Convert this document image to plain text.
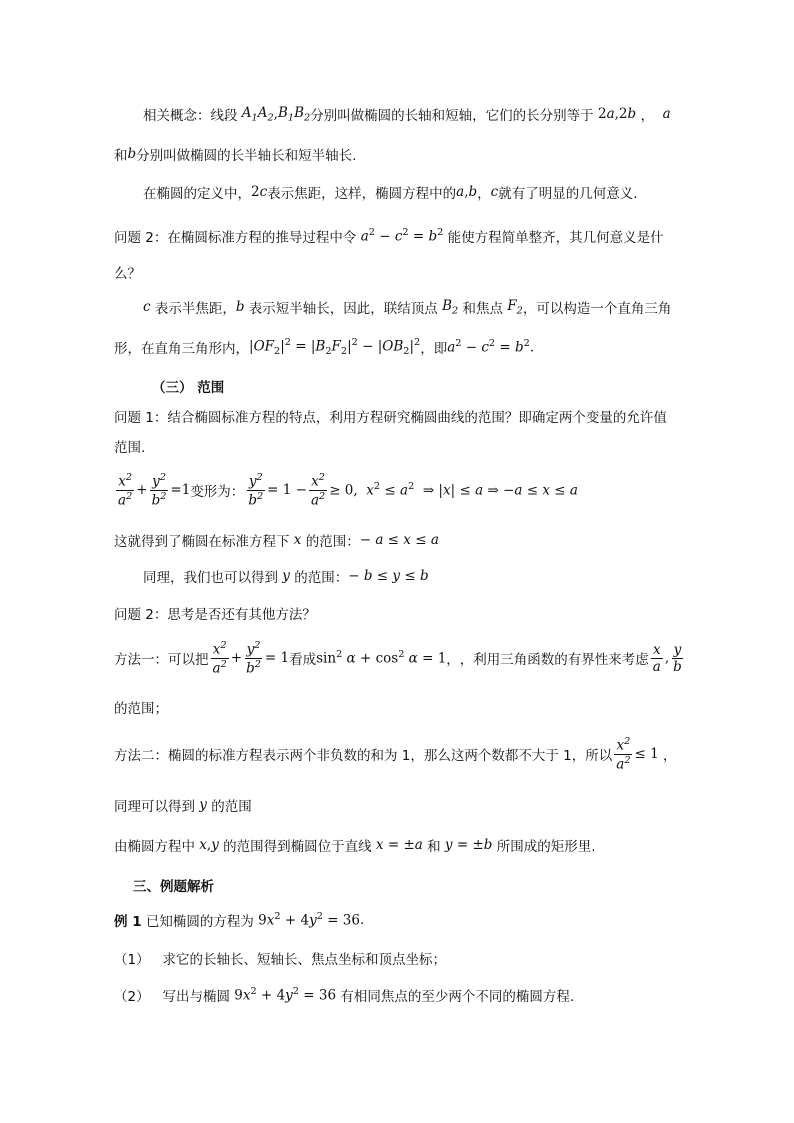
相关概念：线段 $A_1A_2$ , $B_1B_2$ 分别叫做椭圆的长轴和短轴，它们的长分别等于 2a,2b ， a
和 b 分别叫做椭圆的长半轴长和短半轴长.
在椭圆的定义中， 2c 表示焦距，这样，椭圆方程中的 a , b ， c 就有了明显的几何意义.
问题 2：在椭圆标准方程的推导过程中令 $a^2 - c^2 = b^2$ 能使方程简单整齐，其几何意义是什
么？
c 表示半焦距， b 表示短半轴长，因此，联结顶点 $B_2$ 和焦点 $F_2$ ，可以构造一个直角三角
形，在直角三角形内， $|OF_2|^2 = |B_2F_2|^2 - |OB_2|^2$ ，即 $a^2 - c^2 = b^2$.
（三） 范围
问题 1：结合椭圆标准方程的特点，利用方程研究椭圆曲线的范围？即确定两个变量的允许值
范围.
$\frac{x^2}{a^2} + \frac{y^2}{b^2} =1$ 变形为： $\frac{y^2}{b^2} = 1 - \frac{x^2}{a^2} \ge 0$,  $x^2 \le a^2$  ⇒ |x| ≤ a ⇒ −a ≤ x ≤ a
这就得到了椭圆在标准方程下 x 的范围： − a ≤ x ≤ a
同理，我们也可以得到 y 的范围： − b ≤ y ≤ b
问题 2：思考是否还有其他方法？
方法一：可以把 $\frac{x^2}{a^2} + \frac{y^2}{b^2} = 1$ 看成 $\sin^2 \alpha + \cos^2 \alpha = 1$ ， ，利用三角函数的有界性来考虑 $\frac{x}{a}$ , $\frac{y}{b}$
的范围；
方法二：椭圆的标准方程表示两个非负数的和为 1，那么这两个数都不大于 1，所以 $\frac{x^2}{a^2} \le 1$ ，
同理可以得到 y 的范围
由椭圆方程中 x , y 的范围得到椭圆位于直线 x = ±a 和 y = ±b 所围成的矩形里.
三、例题解析
例 1
已知椭圆的方程为 $9x^2 + 4y^2 = 36$ .
（1）
求它的长轴长、短轴长、焦点坐标和顶点坐标；
（2）
写出与椭圆 $9x^2 + 4y^2 = 36$ 有相同焦点的至少两个不同的椭圆方程.
